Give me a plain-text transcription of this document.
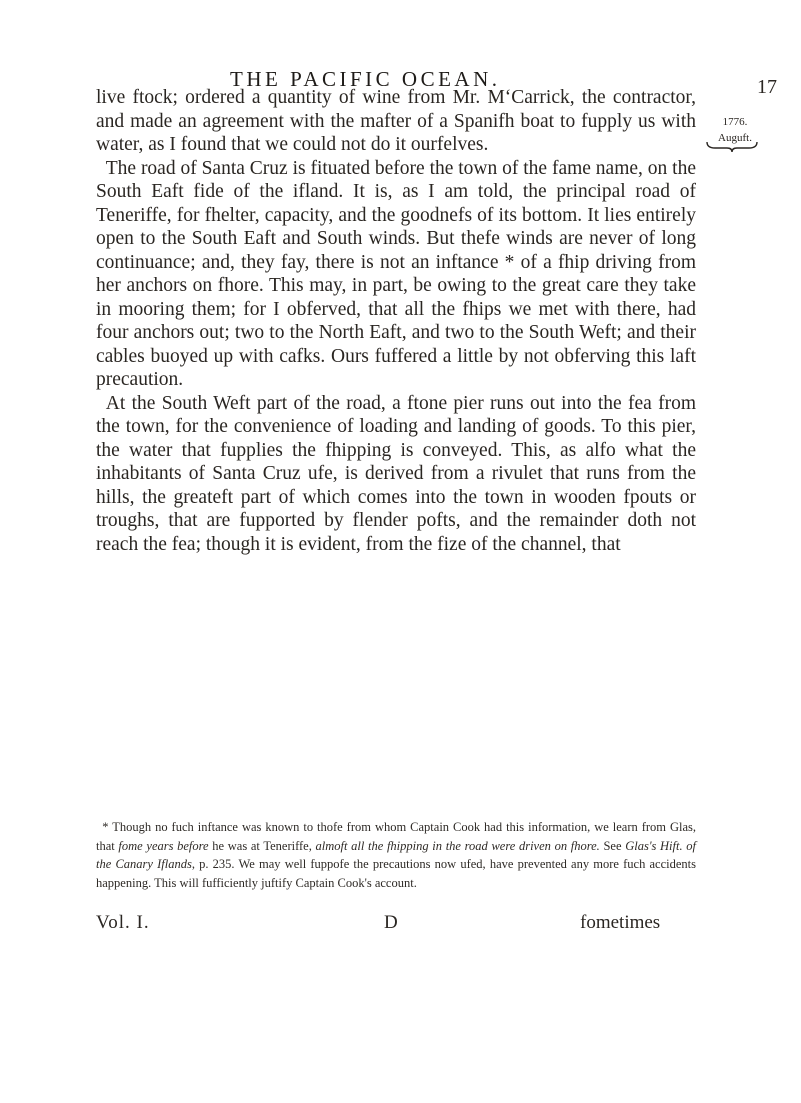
THE PACIFIC OCEAN.	17
1776.
Auguft.

live ftock; ordered a quantity of wine from Mr. M‘Carrick, the contractor, and made an agreement with the mafter of a Spanifh boat to fupply us with water, as I found that we could not do it ourfelves.

The road of Santa Cruz is fituated before the town of the fame name, on the South Eaft fide of the ifland. It is, as I am told, the principal road of Teneriffe, for fhelter, capacity, and the goodnefs of its bottom. It lies entirely open to the South Eaft and South winds. But thefe winds are never of long continuance; and, they fay, there is not an inftance * of a fhip driving from her anchors on fhore. This may, in part, be owing to the great care they take in mooring them; for I obferved, that all the fhips we met with there, had four anchors out; two to the North Eaft, and two to the South Weft; and their cables buoyed up with cafks. Ours fuffered a little by not obferving this laft precaution.

At the South Weft part of the road, a ftone pier runs out into the fea from the town, for the convenience of loading and landing of goods. To this pier, the water that fupplies the fhipping is conveyed. This, as alfo what the inhabitants of Santa Cruz ufe, is derived from a rivulet that runs from the hills, the greateft part of which comes into the town in wooden fpouts or troughs, that are fupported by flender pofts, and the remainder doth not reach the fea; though it is evident, from the fize of the channel, that

* Though no fuch inftance was known to thofe from whom Captain Cook had this information, we learn from Glas, that fome years before he was at Teneriffe, almoft all the fhipping in the road were driven on fhore. See Glas's Hift. of the Canary Iflands, p. 235. We may well fuppofe the precautions now ufed, have prevented any more fuch accidents happening. This will fufficiently juftify Captain Cook's account.

Vol. I.	D	fometimes
